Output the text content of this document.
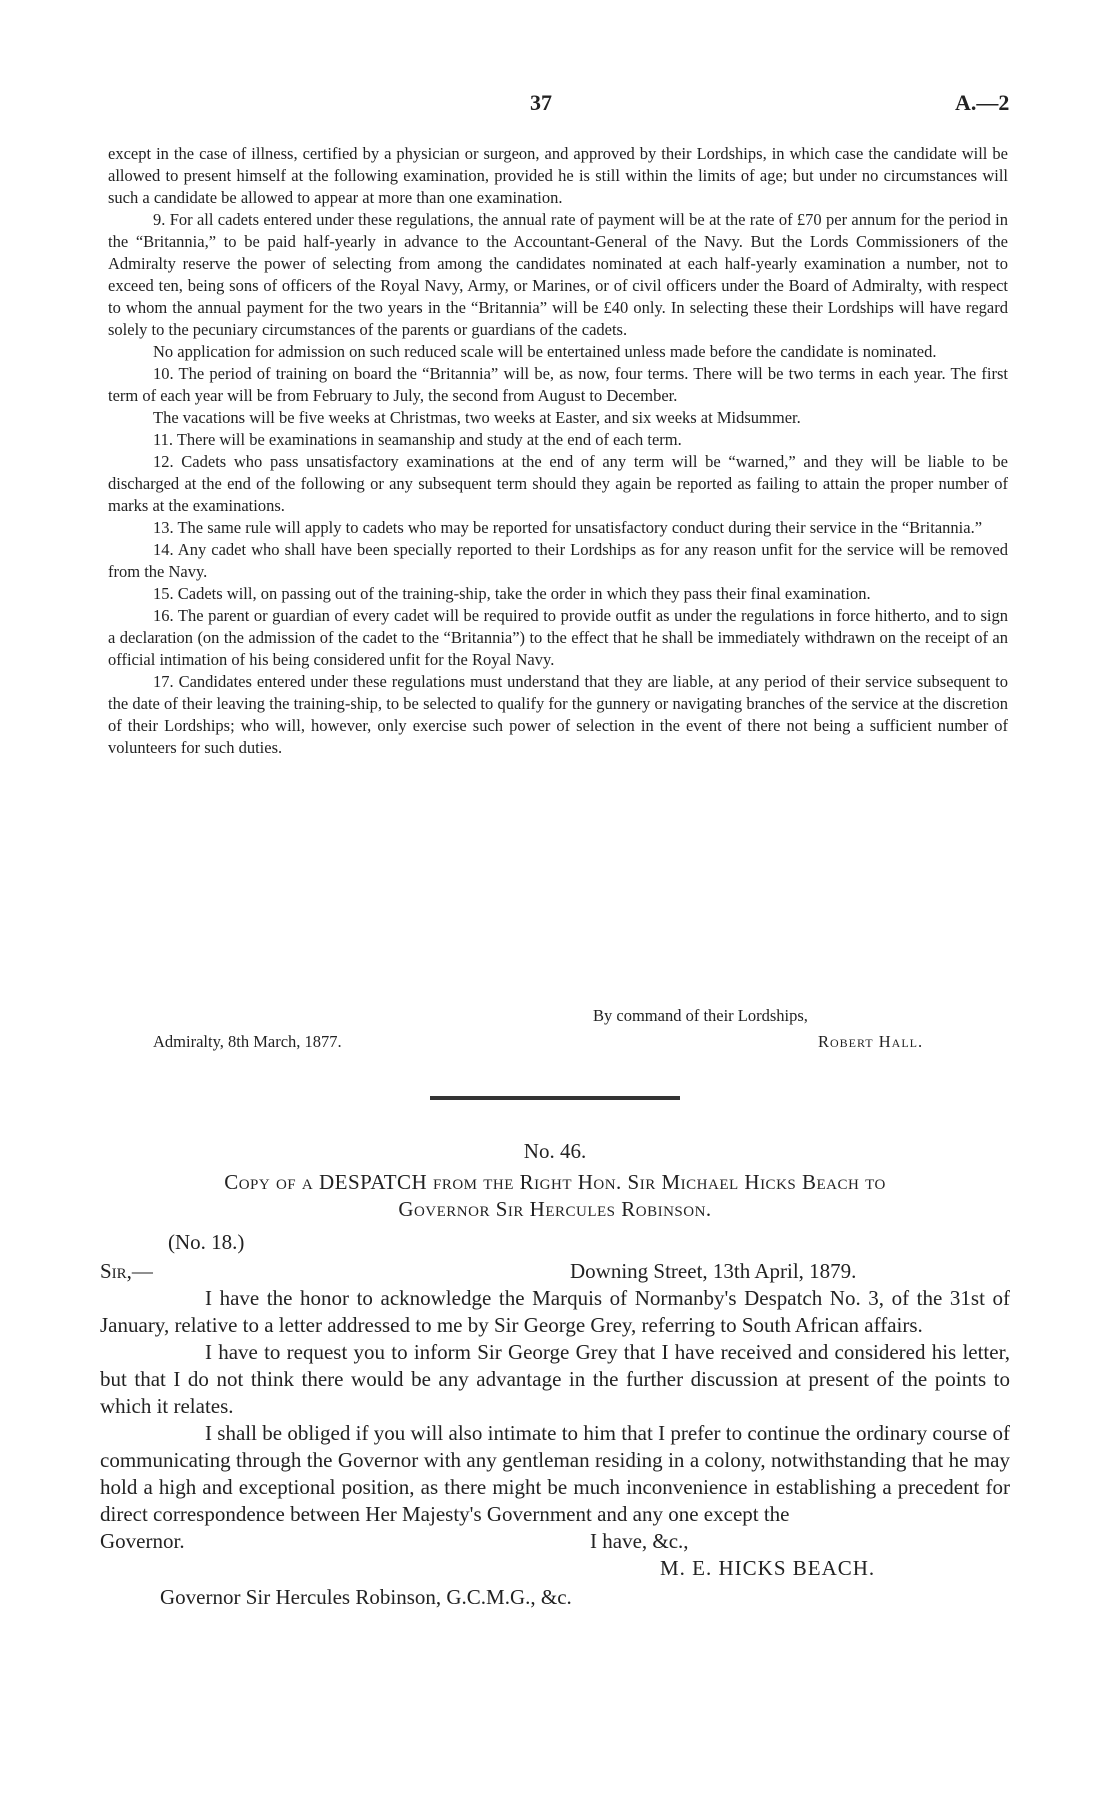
37	A.—2

except in the case of illness, certified by a physician or surgeon, and approved by their Lordships, in which case the candidate will be allowed to present himself at the following examination, provided he is still within the limits of age; but under no circumstances will such a candidate be allowed to appear at more than one examination.

9. For all cadets entered under these regulations, the annual rate of payment will be at the rate of £70 per annum for the period in the “Britannia,” to be paid half-yearly in advance to the Accountant-General of the Navy. But the Lords Commissioners of the Admiralty reserve the power of selecting from among the candidates nominated at each half-yearly examination a number, not to exceed ten, being sons of officers of the Royal Navy, Army, or Marines, or of civil officers under the Board of Admiralty, with respect to whom the annual payment for the two years in the “Britannia” will be £40 only. In selecting these their Lordships will have regard solely to the pecuniary circumstances of the parents or guardians of the cadets.

No application for admission on such reduced scale will be entertained unless made before the candidate is nominated.

10. The period of training on board the “Britannia” will be, as now, four terms. There will be two terms in each year. The first term of each year will be from February to July, the second from August to December.

The vacations will be five weeks at Christmas, two weeks at Easter, and six weeks at Midsummer.

11. There will be examinations in seamanship and study at the end of each term.

12. Cadets who pass unsatisfactory examinations at the end of any term will be “warned,” and they will be liable to be discharged at the end of the following or any subsequent term should they again be reported as failing to attain the proper number of marks at the examinations.

13. The same rule will apply to cadets who may be reported for unsatisfactory conduct during their service in the “Britannia.”

14. Any cadet who shall have been specially reported to their Lordships as for any reason unfit for the service will be removed from the Navy.

15. Cadets will, on passing out of the training-ship, take the order in which they pass their final examination.

16. The parent or guardian of every cadet will be required to provide outfit as under the regulations in force hitherto, and to sign a declaration (on the admission of the cadet to the “Britannia”) to the effect that he shall be immediately withdrawn on the receipt of an official intimation of his being considered unfit for the Royal Navy.

17. Candidates entered under these regulations must understand that they are liable, at any period of their service subsequent to the date of their leaving the training-ship, to be selected to qualify for the gunnery or navigating branches of the service at the discretion of their Lordships; who will, however, only exercise such power of selection in the event of there not being a sufficient number of volunteers for such duties.

By command of their Lordships,
Admiralty, 8th March, 1877.	Robert Hall.

No. 46.

Copy of a DESPATCH from the Right Hon. Sir Michael Hicks Beach to

Governor Sir Hercules Robinson.

(No. 18.)

Sir,—	Downing Street, 13th April, 1879.

I have the honor to acknowledge the Marquis of Normanby's Despatch No. 3, of the 31st of January, relative to a letter addressed to me by Sir George Grey, referring to South African affairs.

I have to request you to inform Sir George Grey that I have received and considered his letter, but that I do not think there would be any advantage in the further discussion at present of the points to which it relates.

I shall be obliged if you will also intimate to him that I prefer to continue the ordinary course of communicating through the Governor with any gentleman residing in a colony, notwithstanding that he may hold a high and exceptional position, as there might be much inconvenience in establishing a precedent for direct correspondence between Her Majesty's Government and any one except the

Governor.	I have, &c.,

M. E. HICKS BEACH.

Governor Sir Hercules Robinson, G.C.M.G., &c.
